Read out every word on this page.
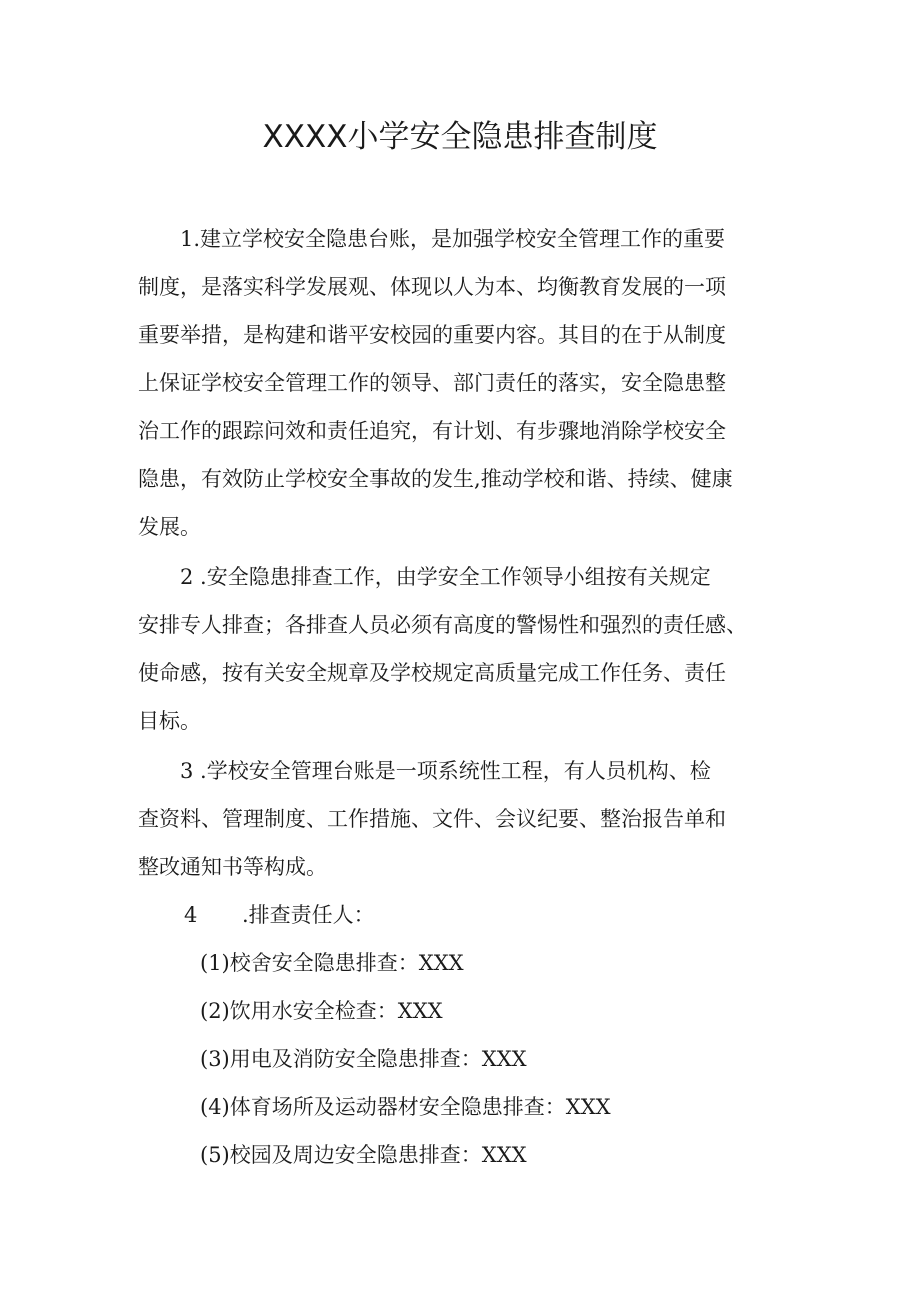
XXXX小学安全隐患排查制度
1.建立学校安全隐患台账，是加强学校安全管理工作的重要
制度，是落实科学发展观、体现以人为本、均衡教育发展的一项
重要举措，是构建和谐平安校园的重要内容。其目的在于从制度
上保证学校安全管理工作的领导、部门责任的落实，安全隐患整
治工作的跟踪问效和责任追究，有计划、有步骤地消除学校安全
隐患，有效防止学校安全事故的发生,推动学校和谐、持续、健康
发展。
2 .安全隐患排查工作，由学安全工作领导小组按有关规定
安排专人排查；各排查人员必须有高度的警惕性和强烈的责任感、
使命感，按有关安全规章及学校规定高质量完成工作任务、责任
目标。
3 .学校安全管理台账是一项系统性工程，有人员机构、检
查资料、管理制度、工作措施、文件、会议纪要、整治报告单和
整改通知书等构成。
4 .排查责任人：
(1)校舍安全隐患排查：XXX
(2)饮用水安全检查：XXX
(3)用电及消防安全隐患排查：XXX
(4)体育场所及运动器材安全隐患排查：XXX
(5)校园及周边安全隐患排查：XXX
